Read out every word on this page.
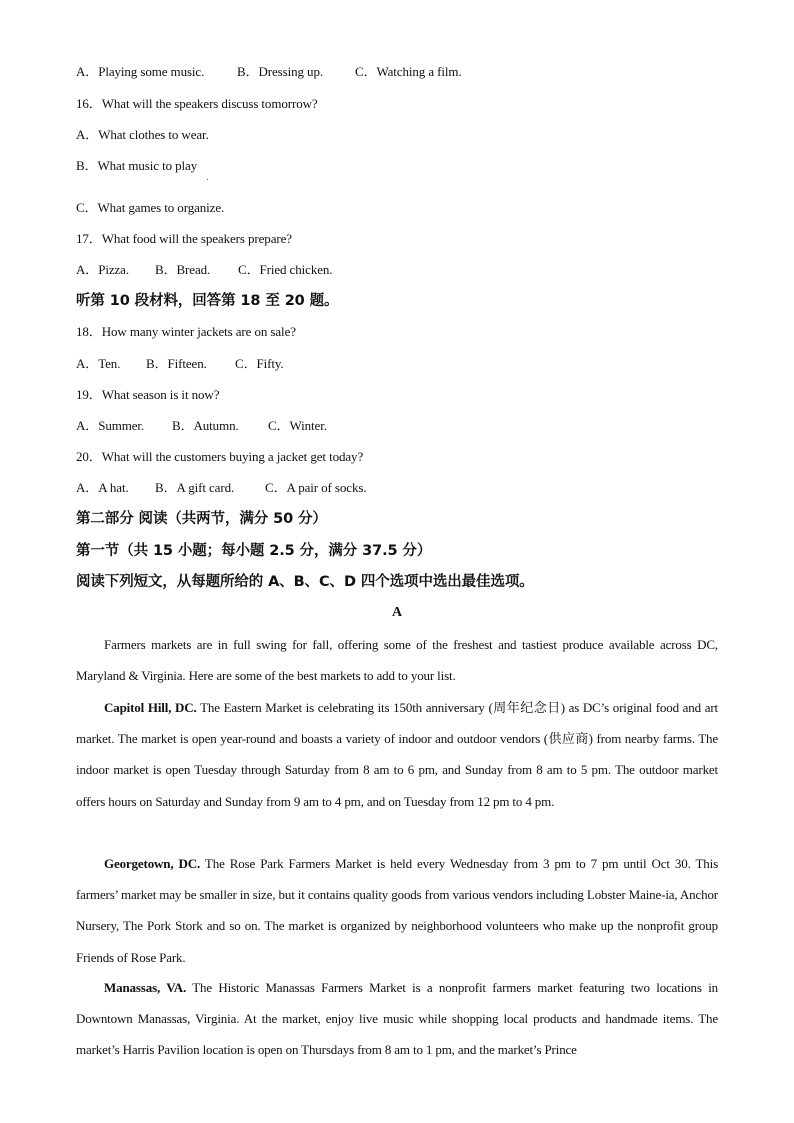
A．Playing some music.	B．Dressing up. C．Watching a film.
16．What will the speakers discuss tomorrow?
A．What clothes to wear.
B．What music to play
C．What games to organize.
17．What food will the speakers prepare?
A．Pizza. B．Bread. C．Fried chicken.
听第 10 段材料，回答第 18 至 20 题。
18．How many winter jackets are on sale?
A．Ten. B．Fifteen. C．Fifty.
19．What season is it now?
A．Summer. B．Autumn. C．Winter.
20．What will the customers buying a jacket get today?
A．A hat. B．A gift card. C．A pair of socks.
第二部分 阅读（共两节，满分 50 分）
第一节（共 15 小题；每小题 2.5 分，满分 37.5 分）
阅读下列短文，从每题所给的 A、B、C、D 四个选项中选出最佳选项。
A

Farmers markets are in full swing for fall, offering some of the freshest and tastiest produce available across DC, Maryland & Virginia. Here are some of the best markets to add to your list.

Capitol Hill, DC. The Eastern Market is celebrating its 150th anniversary (周年纪念日) as DC’s original food and art market. The market is open year-round and boasts a variety of indoor and outdoor vendors (供应商) from nearby farms. The indoor market is open Tuesday through Saturday from 8 am to 6 pm, and Sunday from 8 am to 5 pm. The outdoor market offers hours on Saturday and Sunday from 9 am to 4 pm, and on Tuesday from 12 pm to 4 pm.

Georgetown, DC. The Rose Park Farmers Market is held every Wednesday from 3 pm to 7 pm until Oct 30. This farmers’ market may be smaller in size, but it contains quality goods from various vendors including Lobster Maine-ia, Anchor Nursery, The Pork Stork and so on. The market is organized by neighborhood volunteers who make up the nonprofit group Friends of Rose Park.

Manassas, VA. The Historic Manassas Farmers Market is a nonprofit farmers market featuring two locations in Downtown Manassas, Virginia. At the market, enjoy live music while shopping local products and handmade items. The market’s Harris Pavilion location is open on Thursdays from 8 am to 1 pm, and the market’s Prince
